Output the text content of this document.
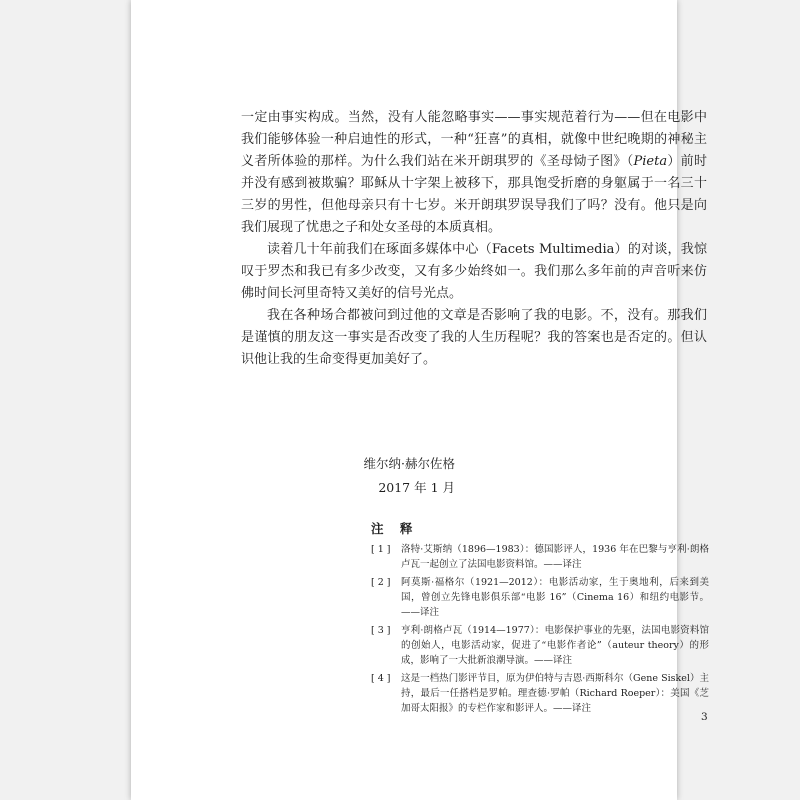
一定由事实构成。当然，没有人能忽略事实——事实规范着行为——但在电影中我们能够体验一种启迪性的形式，一种“狂喜”的真相，就像中世纪晚期的神秘主义者所体验的那样。为什么我们站在米开朗琪罗的《圣母恸子图》（Pieta）前时并没有感到被欺骗？耶稣从十字架上被移下，那具饱受折磨的身躯属于一名三十三岁的男性，但他母亲只有十七岁。米开朗琪罗误导我们了吗？没有。他只是向我们展现了忧患之子和处女圣母的本质真相。

读着几十年前我们在琢面多媒体中心（Facets Multimedia）的对谈，我惊叹于罗杰和我已有多少改变，又有多少始终如一。我们那么多年前的声音听来仿佛时间长河里奇特又美好的信号光点。

我在各种场合都被问到过他的文章是否影响了我的电影。不，没有。那我们是谨慎的朋友这一事实是否改变了我的人生历程呢？我的答案也是否定的。但认识他让我的生命变得更加美好了。

维尔纳·赫尔佐格
2017 年 1 月
注 释
[ 1 ]	洛特·艾斯纳（1896—1983）：德国影评人，1936 年在巴黎与亨利·朗格卢瓦一起创立了法国电影资料馆。——译注
[ 2 ]	阿莫斯·福格尔（1921—2012）：电影活动家，生于奥地利，后来到美国，曾创立先锋电影俱乐部“电影 16”（Cinema 16）和纽约电影节。——译注
[ 3 ]	亨利·朗格卢瓦（1914—1977）：电影保护事业的先驱，法国电影资料馆的创始人，电影活动家，促进了“电影作者论”（auteur theory）的形成，影响了一大批新浪潮导演。——译注
[ 4 ]	这是一档热门影评节目，原为伊伯特与吉恩·西斯科尔（Gene Siskel）主持，最后一任搭档是罗帕。理查德·罗帕（Richard Roeper）：美国《芝加哥太阳报》的专栏作家和影评人。——译注
3
